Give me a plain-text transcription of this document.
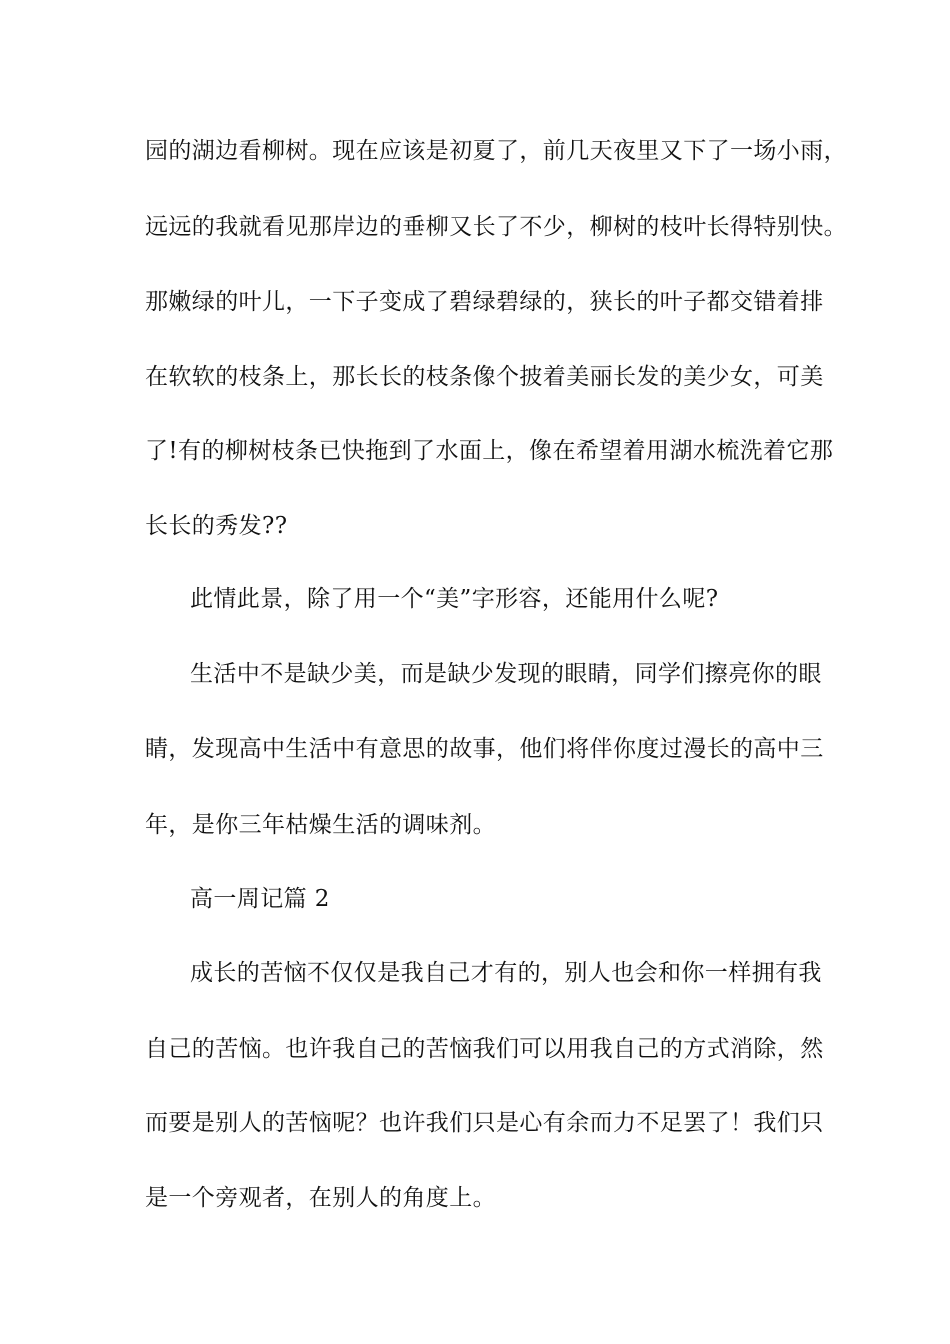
园的湖边看柳树。现在应该是初夏了，前几天夜里又下了一场小雨，
远远的我就看见那岸边的垂柳又长了不少，柳树的枝叶长得特别快。
那嫩绿的叶儿，一下子变成了碧绿碧绿的，狭长的叶子都交错着排
在软软的枝条上，那长长的枝条像个披着美丽长发的美少女，可美
了!有的柳树枝条已快拖到了水面上，像在希望着用湖水梳洗着它那
长长的秀发??
此情此景，除了用一个“美”字形容，还能用什么呢?
生活中不是缺少美，而是缺少发现的眼睛，同学们擦亮你的眼
睛，发现高中生活中有意思的故事，他们将伴你度过漫长的高中三
年，是你三年枯燥生活的调味剂。
高一周记篇 2
成长的苦恼不仅仅是我自己才有的，别人也会和你一样拥有我
自己的苦恼。也许我自己的苦恼我们可以用我自己的方式消除，然
而要是别人的苦恼呢？也许我们只是心有余而力不足罢了！我们只
是一个旁观者，在别人的角度上。
